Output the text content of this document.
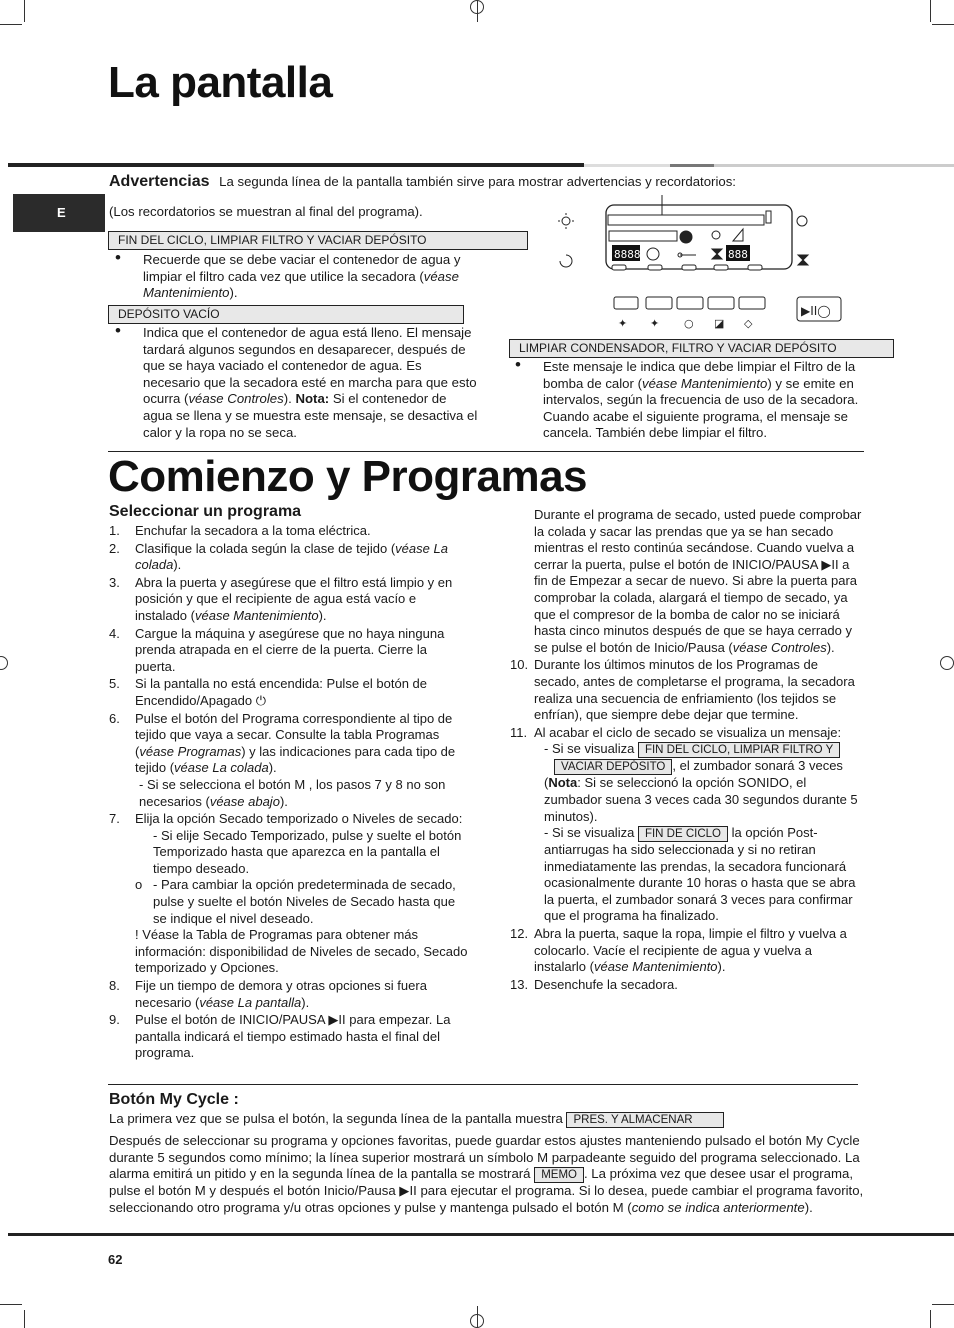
La pantalla
E
Advertencias La segunda línea de la pantalla también sirve para mostrar advertencias y recordatorios:
(Los recordatorios se muestran al final del programa).
FIN DEL CICLO, LIMPIAR FILTRO Y VACIAR DEPÓSITO
• Recuerde que se debe vaciar el contenedor de agua y limpiar el filtro cada vez que utilice la secadora (véase Mantenimiento).
DEPÓSITO VACÍO
• Indica que el contenedor de agua está lleno. El mensaje tardará algunos segundos en desaparecer, después de que se haya vaciado el contenedor de agua. Es necesario que la secadora esté en marcha para que esto ocurra (véase Controles). Nota: Si el contenedor de agua se llena y se muestra este mensaje, se desactiva el calor y la ropa no se seca.
8888	888
▶II◯
✦ ✦ ○ ◪ ◇
LIMPIAR CONDENSADOR, FILTRO Y VACIAR DEPÓSITO
• Este mensaje le indica que debe limpiar el Filtro de la bomba de calor (véase Mantenimiento) y se emite en intervalos, según la frecuencia de uso de la secadora. Cuando acabe el siguiente programa, el mensaje se cancela. También debe limpiar el filtro.
Comienzo y Programas
Seleccionar un programa
1. Enchufar la secadora a la toma eléctrica.
2. Clasifique la colada según la clase de tejido (véase La colada).
3. Abra la puerta y asegúrese que el filtro está limpio y en posición y que el recipiente de agua está vacío e instalado (véase Mantenimiento).
4. Cargue la máquina y asegúrese que no haya ninguna prenda atrapada en el cierre de la puerta. Cierre la puerta.
5. Si la pantalla no está encendida: Pulse el botón de Encendido/Apagado ⏻
6. Pulse el botón del Programa correspondiente al tipo de tejido que vaya a secar. Consulte la tabla Programas (véase Programas) y las indicaciones para cada tipo de tejido (véase La colada).
- Si se selecciona el botón M , los pasos 7 y 8 no son necesarios (véase abajo).
7. Elija la opción Secado temporizado o Niveles de secado:
- Si elije Secado Temporizado, pulse y suelte el botón Temporizado hasta que aparezca en la pantalla el tiempo deseado.
o - Para cambiar la opción predeterminada de secado, pulse y suelte el botón Niveles de Secado hasta que se indique el nivel deseado.
! Véase la Tabla de Programas para obtener más información: disponibilidad de Niveles de secado, Secado temporizado y Opciones.
8. Fije un tiempo de demora y otras opciones si fuera necesario (véase La pantalla).
9. Pulse el botón de INICIO/PAUSA ▶II para empezar. La pantalla indicará el tiempo estimado hasta el final del programa.
Durante el programa de secado, usted puede comprobar la colada y sacar las prendas que ya se han secado mientras el resto continúa secándose. Cuando vuelva a cerrar la puerta, pulse el botón de INICIO/PAUSA ▶II a fin de Empezar a secar de nuevo. Si abre la puerta para comprobar la colada, alargará el tiempo de secado, ya que el compresor de la bomba de calor no se iniciará hasta cinco minutos después de que se haya cerrado y se pulse el botón de Inicio/Pausa (véase Controles).
10. Durante los últimos minutos de los Programas de secado, antes de completarse el programa, la secadora realiza una secuencia de enfriamiento (los tejidos se enfrían), que siempre debe dejar que termine.
11. Al acabar el ciclo de secado se visualiza un mensaje:
- Si se visualiza FIN DEL CICLO, LIMPIAR FILTRO Y VACIAR DEPÓSITO , el zumbador sonará 3 veces (Nota: Si se seleccionó la opción SONIDO, el zumbador suena 3 veces cada 30 segundos durante 5 minutos).
- Si se visualiza FIN DE CICLO la opción Post-antiarrugas ha sido seleccionada y si no retiran inmediatamente las prendas, la secadora funcionará ocasionalmente durante 10 horas o hasta que se abra la puerta, el zumbador sonará 3 veces para confirmar que el programa ha finalizado.
12. Abra la puerta, saque la ropa, limpie el filtro y vuelva a colocarlo. Vacíe el recipiente de agua y vuelva a instalarlo (véase Mantenimiento).
13. Desenchufe la secadora.
Botón My Cycle :
La primera vez que se pulsa el botón, la segunda línea de la pantalla muestra PRES. Y ALMACENAR
Después de seleccionar su programa y opciones favoritas, puede guardar estos ajustes manteniendo pulsado el botón My Cycle durante 5 segundos como mínimo; la línea superior mostrará un símbolo M parpadeante seguido del programa seleccionado. La alarma emitirá un pitido y en la segunda línea de la pantalla se mostrará MEMO . La próxima vez que desee usar el programa, pulse el botón M y después el botón Inicio/Pausa ▶II para ejecutar el programa. Si lo desea, puede cambiar el programa favorito, seleccionando otro programa y/u otras opciones y pulse y mantenga pulsado el botón M (como se indica anteriormente).
62
